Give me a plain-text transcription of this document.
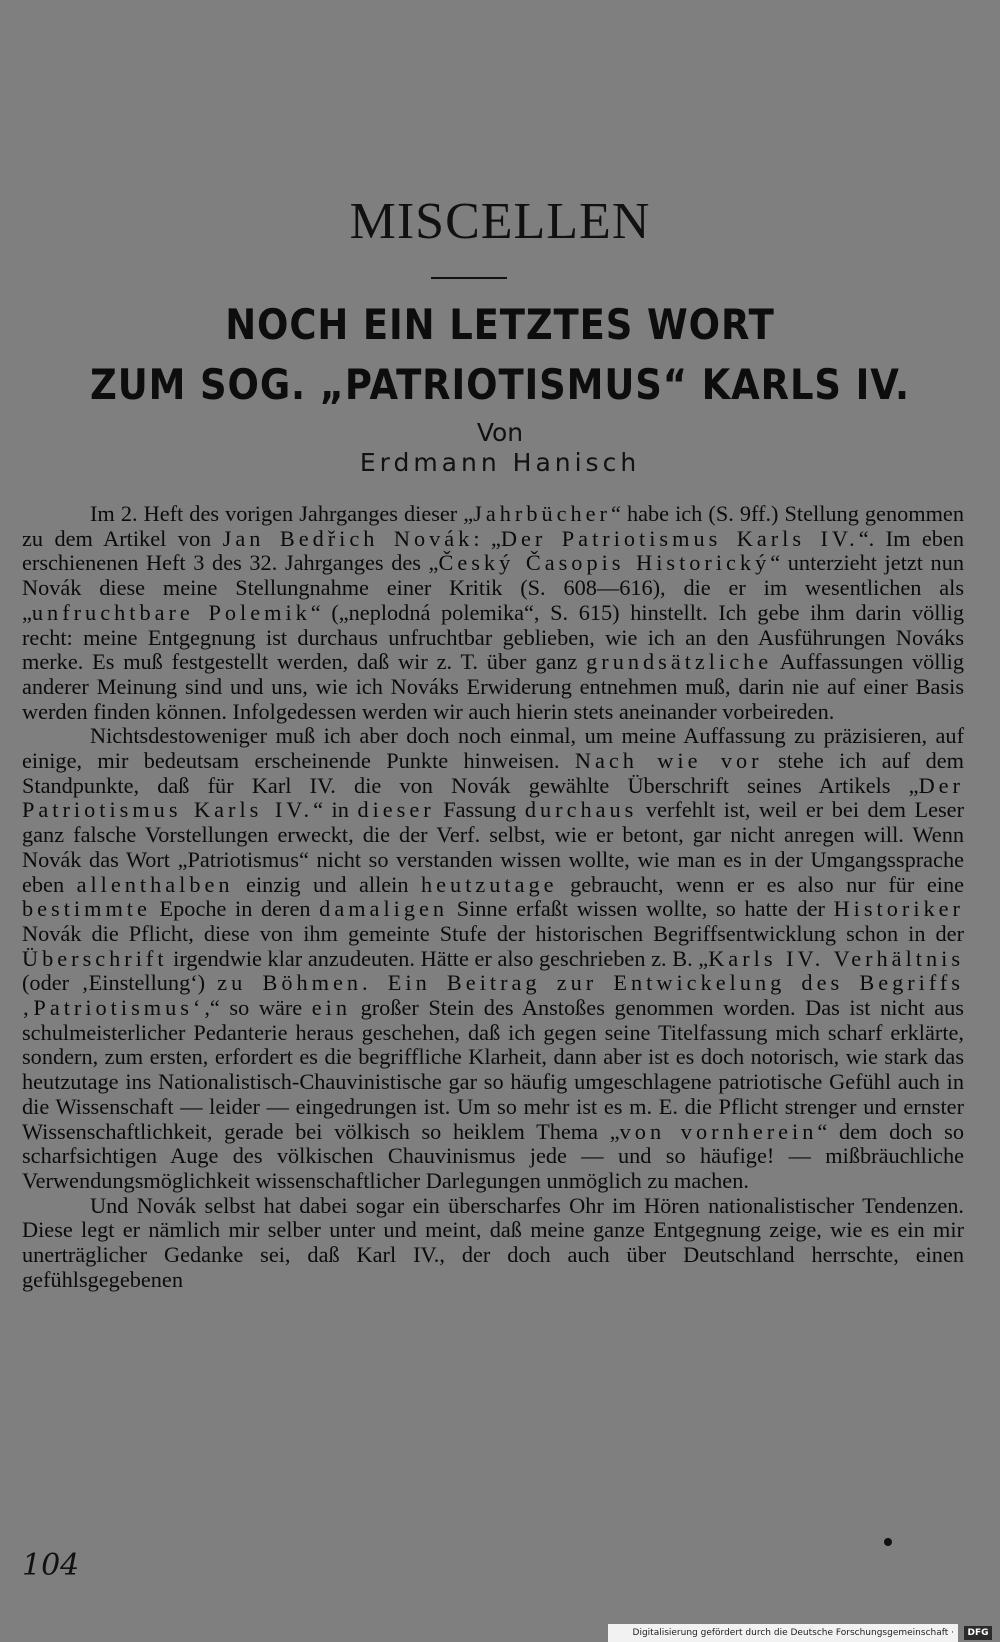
MISCELLEN
NOCH EIN LETZTES WORT
ZUM SOG. „PATRIOTISMUS“ KARLS IV.
Von
Erdmann Hanisch

Im 2. Heft des vorigen Jahrganges dieser „Jahrbücher“ habe ich (S. 9ff.) Stellung genommen zu dem Artikel von Jan Bedřich Novák: „Der Patriotismus Karls IV.“. Im eben erschienenen Heft 3 des 32. Jahrganges des „Český Časopis Historický“ unterzieht jetzt nun Novák diese meine Stellungnahme einer Kritik (S. 608—616), die er im wesentlichen als „unfruchtbare Polemik“ („neplodná polemika“, S. 615) hinstellt. Ich gebe ihm darin völlig recht: meine Entgegnung ist durchaus unfruchtbar geblieben, wie ich an den Ausführungen Nováks merke. Es muß festgestellt werden, daß wir z. T. über ganz grundsätzliche Auffassungen völlig anderer Meinung sind und uns, wie ich Nováks Erwiderung entnehmen muß, darin nie auf einer Basis werden finden können. Infolgedessen werden wir auch hierin stets aneinander vorbeireden.

Nichtsdestoweniger muß ich aber doch noch einmal, um meine Auffassung zu präzisieren, auf einige, mir bedeutsam erscheinende Punkte hinweisen. Nach wie vor stehe ich auf dem Standpunkte, daß für Karl IV. die von Novák gewählte Überschrift seines Artikels „Der Patriotismus Karls IV.“ in dieser Fassung durchaus verfehlt ist, weil er bei dem Leser ganz falsche Vorstellungen erweckt, die der Verf. selbst, wie er betont, gar nicht anregen will. Wenn Novák das Wort „Patriotismus“ nicht so verstanden wissen wollte, wie man es in der Umgangssprache eben allenthalben einzig und allein heutzutage gebraucht, wenn er es also nur für eine bestimmte Epoche in deren damaligen Sinne erfaßt wissen wollte, so hatte der Historiker Novák die Pflicht, diese von ihm gemeinte Stufe der historischen Begriffsentwicklung schon in der Überschrift irgendwie klar anzudeuten. Hätte er also geschrieben z. B. „Karls IV. Verhältnis (oder ‚Einstellung‘) zu Böhmen. Ein Beitrag zur Entwickelung des Begriffs ‚Patriotismus‘,“ so wäre ein großer Stein des Anstoßes genommen worden. Das ist nicht aus schulmeisterlicher Pedanterie heraus geschehen, daß ich gegen seine Titelfassung mich scharf erklärte, sondern, zum ersten, erfordert es die begriffliche Klarheit, dann aber ist es doch notorisch, wie stark das heutzutage ins Nationalistisch-Chauvinistische gar so häufig umgeschlagene patriotische Gefühl auch in die Wissenschaft — leider — eingedrungen ist. Um so mehr ist es m. E. die Pflicht strenger und ernster Wissenschaftlichkeit, gerade bei völkisch so heiklem Thema „von vornherein“ dem doch so scharfsichtigen Auge des völkischen Chauvinismus jede — und so häufige! — mißbräuchliche Verwendungsmöglichkeit wissenschaftlicher Darlegungen unmöglich zu machen.

Und Novák selbst hat dabei sogar ein überscharfes Ohr im Hören nationalistischer Tendenzen. Diese legt er nämlich mir selber unter und meint, daß meine ganze Entgegnung zeige, wie es ein mir unerträglicher Gedanke sei, daß Karl IV., der doch auch über Deutschland herrschte, einen gefühlsgegebenen

104
Digitalisierung gefördert durch die Deutsche Forschungsgemeinschaft ·	DFG
